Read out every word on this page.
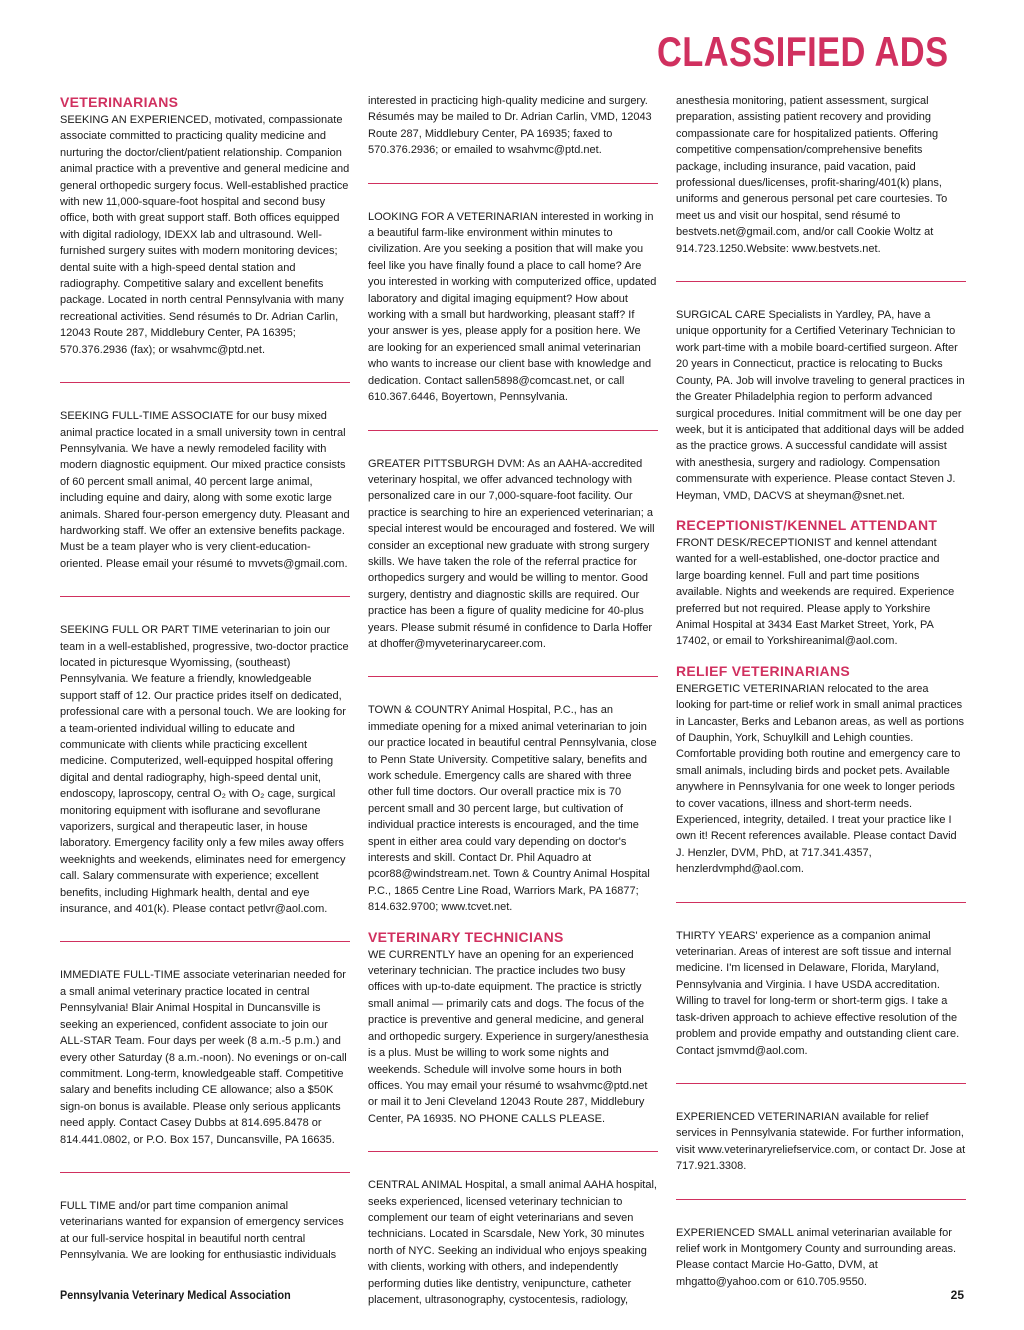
CLASSIFIED ADS
VETERINARIANS

SEEKING AN EXPERIENCED, motivated, compassionate associate committed to practicing quality medicine and nurturing the doctor/client/patient relationship. Companion animal practice with a preventive and general medicine and general orthopedic surgery focus. Well-established practice with new 11,000-square-foot hospital and second busy office, both with great support staff. Both offices equipped with digital radiology, IDEXX lab and ultrasound. Well-furnished surgery suites with modern monitoring devices; dental suite with a high-speed dental station and radiography. Competitive salary and excellent benefits package. Located in north central Pennsylvania with many recreational activities. Send résumés to Dr. Adrian Carlin, 12043 Route 287, Middlebury Center, PA 16395; 570.376.2936 (fax); or wsahvmc@ptd.net.

SEEKING FULL-TIME ASSOCIATE for our busy mixed animal practice located in a small university town in central Pennsylvania. We have a newly remodeled facility with modern diagnostic equipment. Our mixed practice consists of 60 percent small animal, 40 percent large animal, including equine and dairy, along with some exotic large animals. Shared four-person emergency duty. Pleasant and hardworking staff. We offer an extensive benefits package. Must be a team player who is very client-education-oriented. Please email your résumé to mvvets@gmail.com.

SEEKING FULL OR PART TIME veterinarian to join our team in a well-established, progressive, two-doctor practice located in picturesque Wyomissing, (southeast) Pennsylvania. We feature a friendly, knowledgeable support staff of 12. Our practice prides itself on dedicated, professional care with a personal touch. We are looking for a team-oriented individual willing to educate and communicate with clients while practicing excellent medicine. Computerized, well-equipped hospital offering digital and dental radiography, high-speed dental unit, endoscopy, laproscopy, central O₂ with O₂ cage, surgical monitoring equipment with isoflurane and sevoflurane vaporizers, surgical and therapeutic laser, in house laboratory. Emergency facility only a few miles away offers weeknights and weekends, eliminates need for emergency call. Salary commensurate with experience; excellent benefits, including Highmark health, dental and eye insurance, and 401(k). Please contact petlvr@aol.com.

IMMEDIATE FULL-TIME associate veterinarian needed for a small animal veterinary practice located in central Pennsylvania! Blair Animal Hospital in Duncansville is seeking an experienced, confident associate to join our ALL-STAR Team. Four days per week (8 a.m.-5 p.m.) and every other Saturday (8 a.m.-noon). No evenings or on-call commitment. Long-term, knowledgeable staff. Competitive salary and benefits including CE allowance; also a $50K sign-on bonus is available. Please only serious applicants need apply. Contact Casey Dubbs at 814.695.8478 or 814.441.0802, or P.O. Box 157, Duncansville, PA 16635.

FULL TIME and/or part time companion animal veterinarians wanted for expansion of emergency services at our full-service hospital in beautiful north central Pennsylvania. We are looking for enthusiastic individuals

interested in practicing high-quality medicine and surgery. Résumés may be mailed to Dr. Adrian Carlin, VMD, 12043 Route 287, Middlebury Center, PA 16935; faxed to 570.376.2936; or emailed to wsahvmc@ptd.net.

LOOKING FOR A VETERINARIAN interested in working in a beautiful farm-like environment within minutes to civilization. Are you seeking a position that will make you feel like you have finally found a place to call home? Are you interested in working with computerized office, updated laboratory and digital imaging equipment? How about working with a small but hardworking, pleasant staff? If your answer is yes, please apply for a position here. We are looking for an experienced small animal veterinarian who wants to increase our client base with knowledge and dedication. Contact sallen5898@comcast.net, or call 610.367.6446, Boyertown, Pennsylvania.

GREATER PITTSBURGH DVM: As an AAHA-accredited veterinary hospital, we offer advanced technology with personalized care in our 7,000-square-foot facility. Our practice is searching to hire an experienced veterinarian; a special interest would be encouraged and fostered. We will consider an exceptional new graduate with strong surgery skills. We have taken the role of the referral practice for orthopedics surgery and would be willing to mentor. Good surgery, dentistry and diagnostic skills are required. Our practice has been a figure of quality medicine for 40-plus years. Please submit résumé in confidence to Darla Hoffer at dhoffer@myveterinarycareer.com.

TOWN & COUNTRY Animal Hospital, P.C., has an immediate opening for a mixed animal veterinarian to join our practice located in beautiful central Pennsylvania, close to Penn State University. Competitive salary, benefits and work schedule. Emergency calls are shared with three other full time doctors. Our overall practice mix is 70 percent small and 30 percent large, but cultivation of individual practice interests is encouraged, and the time spent in either area could vary depending on doctor's interests and skill. Contact Dr. Phil Aquadro at pcor88@windstream.net. Town & Country Animal Hospital P.C., 1865 Centre Line Road, Warriors Mark, PA 16877; 814.632.9700; www.tcvet.net.

VETERINARY TECHNICIANS

WE CURRENTLY have an opening for an experienced veterinary technician. The practice includes two busy offices with up-to-date equipment. The practice is strictly small animal — primarily cats and dogs. The focus of the practice is preventive and general medicine, and general and orthopedic surgery. Experience in surgery/anesthesia is a plus. Must be willing to work some nights and weekends. Schedule will involve some hours in both offices. You may email your résumé to wsahvmc@ptd.net or mail it to Jeni Cleveland 12043 Route 287, Middlebury Center, PA 16935. NO PHONE CALLS PLEASE.

CENTRAL ANIMAL Hospital, a small animal AAHA hospital, seeks experienced, licensed veterinary technician to complement our team of eight veterinarians and seven technicians. Located in Scarsdale, New York, 30 minutes north of NYC. Seeking an individual who enjoys speaking with clients, working with others, and independently performing duties like dentistry, venipuncture, catheter placement, ultrasonography, cystocentesis, radiology,

anesthesia monitoring, patient assessment, surgical preparation, assisting patient recovery and providing compassionate care for hospitalized patients. Offering competitive compensation/comprehensive benefits package, including insurance, paid vacation, paid professional dues/licenses, profit-sharing/401(k) plans, uniforms and generous personal pet care courtesies. To meet us and visit our hospital, send résumé to bestvets.net@gmail.com, and/or call Cookie Woltz at 914.723.1250.Website: www.bestvets.net.

SURGICAL CARE Specialists in Yardley, PA, have a unique opportunity for a Certified Veterinary Technician to work part-time with a mobile board-certified surgeon. After 20 years in Connecticut, practice is relocating to Bucks County, PA. Job will involve traveling to general practices in the Greater Philadelphia region to perform advanced surgical procedures. Initial commitment will be one day per week, but it is anticipated that additional days will be added as the practice grows. A successful candidate will assist with anesthesia, surgery and radiology. Compensation commensurate with experience. Please contact Steven J. Heyman, VMD, DACVS at sheyman@snet.net.

RECEPTIONIST/KENNEL ATTENDANT

FRONT DESK/RECEPTIONIST and kennel attendant wanted for a well-established, one-doctor practice and large boarding kennel. Full and part time positions available. Nights and weekends are required. Experience preferred but not required. Please apply to Yorkshire Animal Hospital at 3434 East Market Street, York, PA 17402, or email to Yorkshireanimal@aol.com.

RELIEF VETERINARIANS

ENERGETIC VETERINARIAN relocated to the area looking for part-time or relief work in small animal practices in Lancaster, Berks and Lebanon areas, as well as portions of Dauphin, York, Schuylkill and Lehigh counties. Comfortable providing both routine and emergency care to small animals, including birds and pocket pets. Available anywhere in Pennsylvania for one week to longer periods to cover vacations, illness and short-term needs. Experienced, integrity, detailed. I treat your practice like I own it! Recent references available. Please contact David J. Henzler, DVM, PhD, at 717.341.4357, henzlerdvmphd@aol.com.

THIRTY YEARS' experience as a companion animal veterinarian. Areas of interest are soft tissue and internal medicine. I'm licensed in Delaware, Florida, Maryland, Pennsylvania and Virginia. I have USDA accreditation. Willing to travel for long-term or short-term gigs. I take a task-driven approach to achieve effective resolution of the problem and provide empathy and outstanding client care. Contact jsmvmd@aol.com.

EXPERIENCED VETERINARIAN available for relief services in Pennsylvania statewide. For further information, visit www.veterinaryreliefservice.com, or contact Dr. Jose at 717.921.3308.

EXPERIENCED SMALL animal veterinarian available for relief work in Montgomery County and surrounding areas. Please contact Marcie Ho-Gatto, DVM, at mhgatto@yahoo.com or 610.705.9550.

Pennsylvania Veterinary Medical Association	25
